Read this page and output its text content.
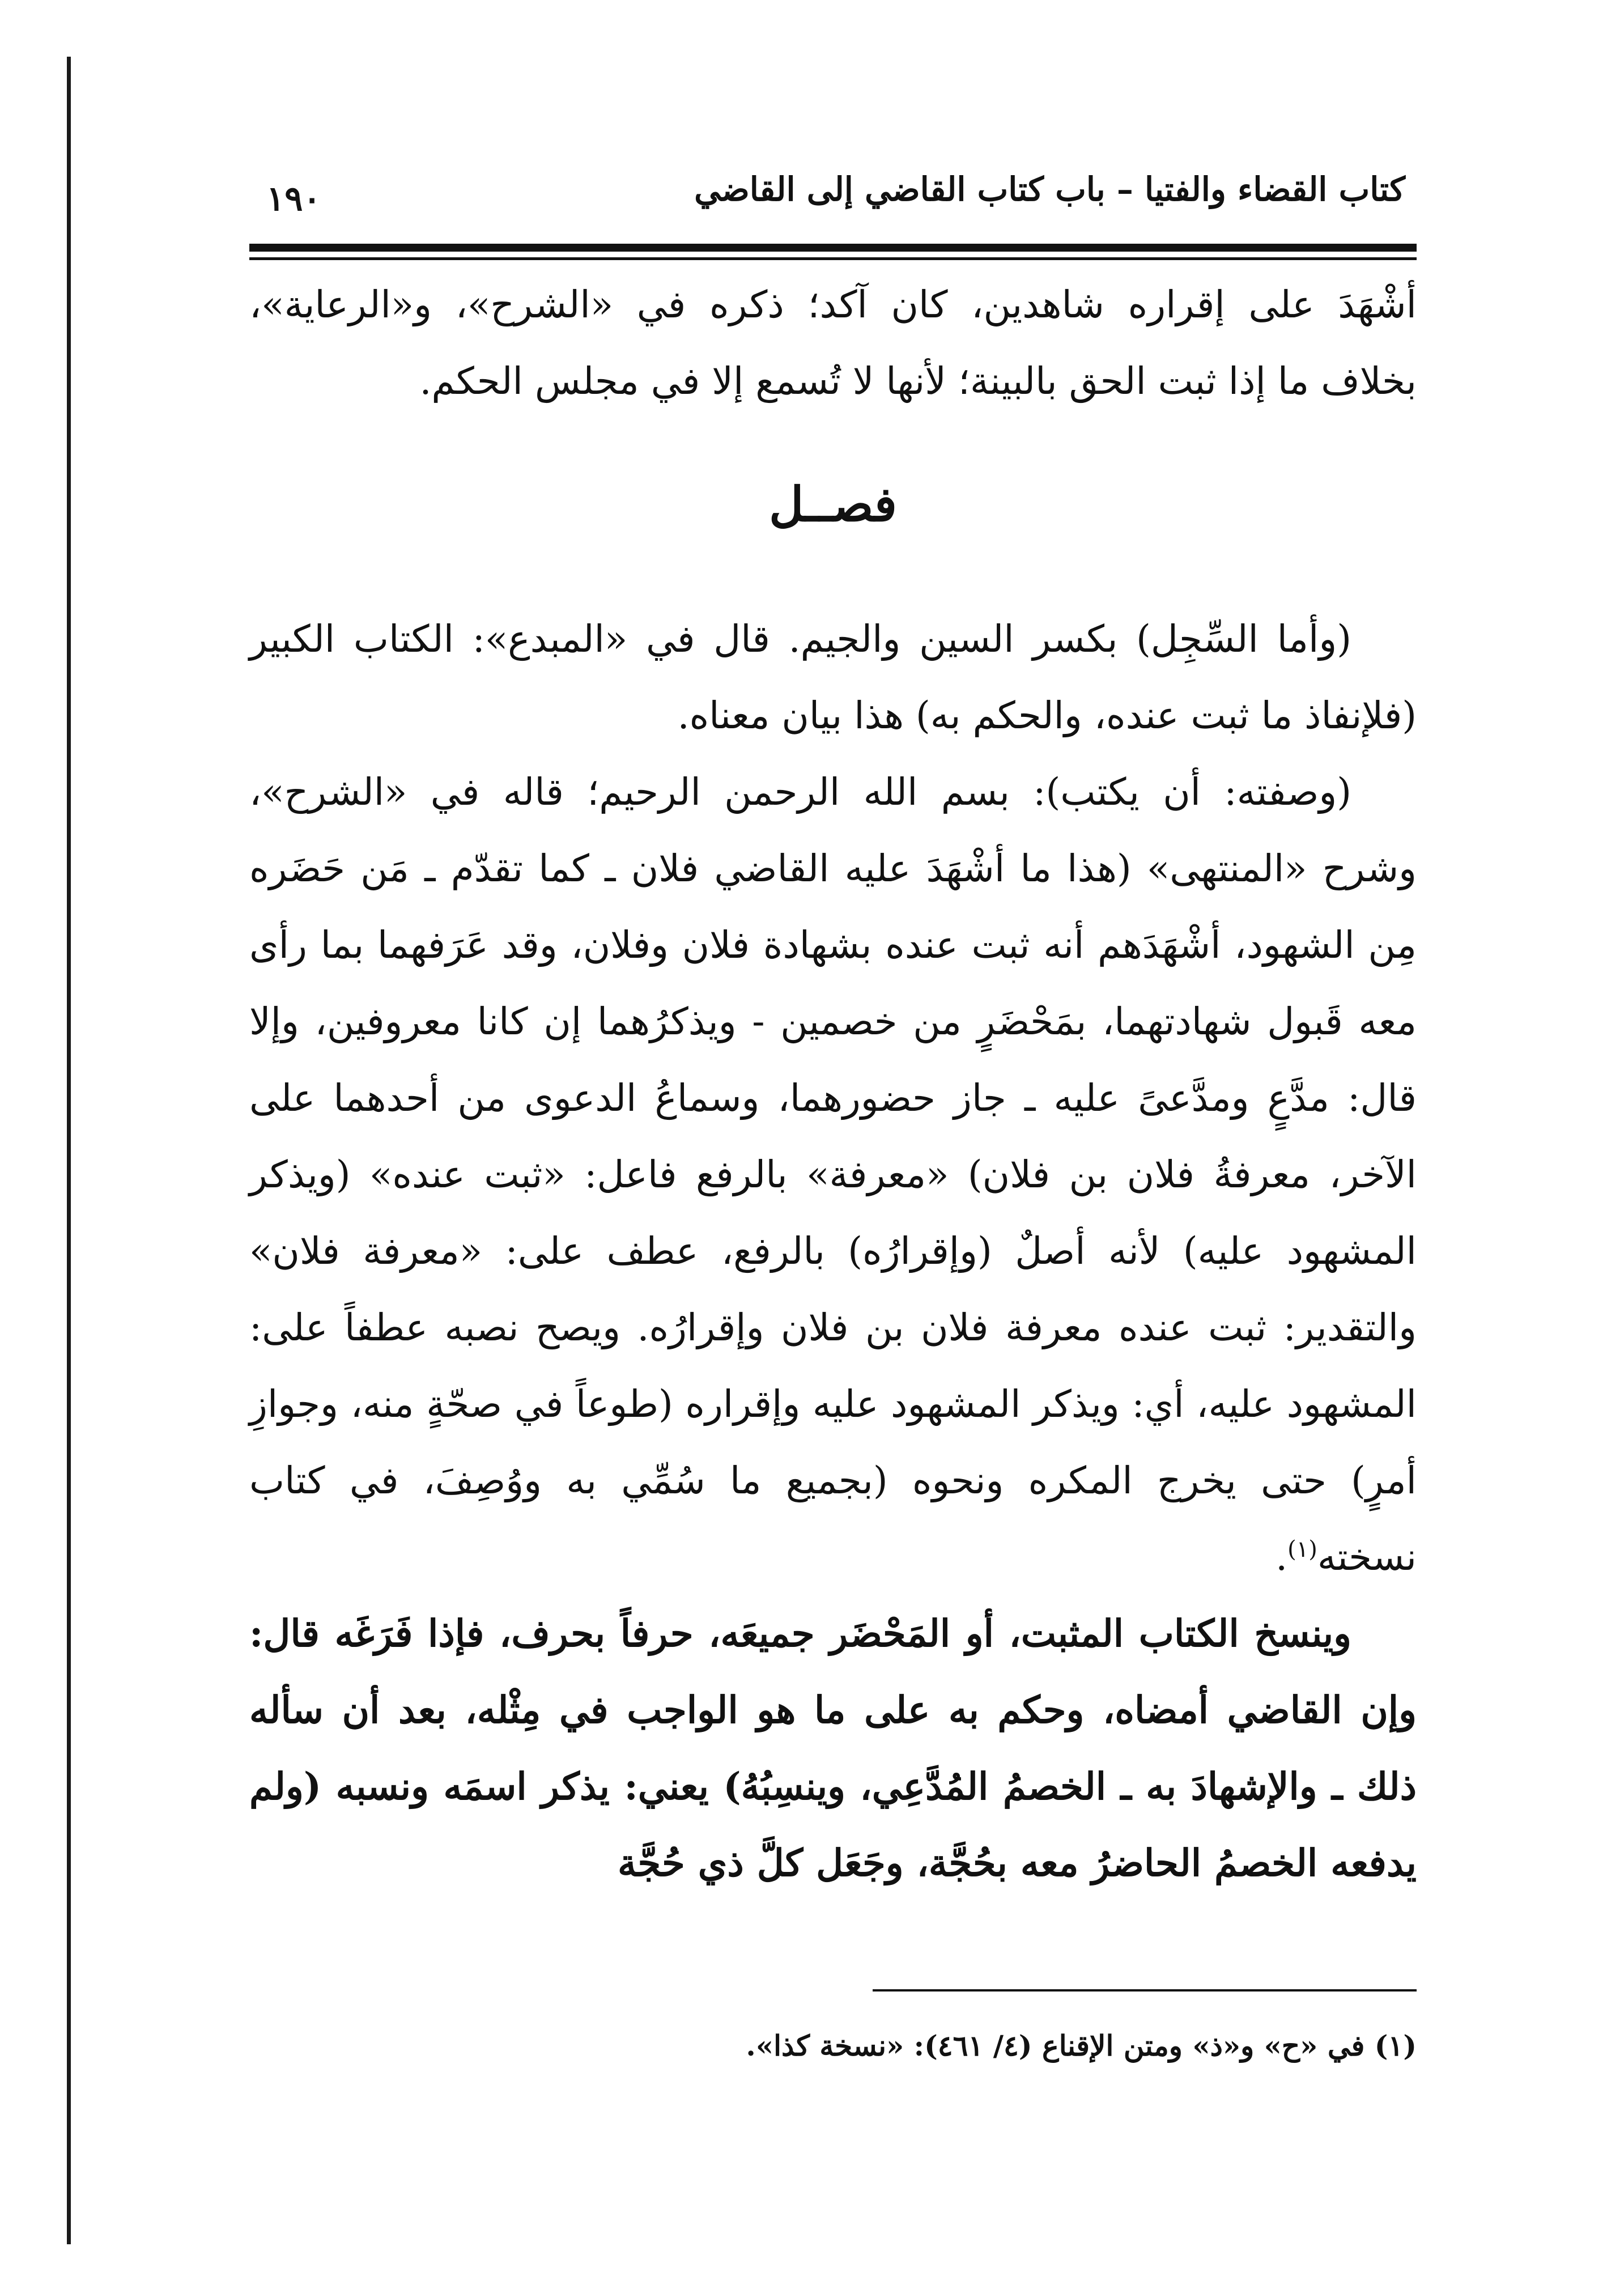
كتاب القضاء والفتيا – باب كتاب القاضي إلى القاضي
١٩٠

أشْهَدَ على إقراره شاهدين، كان آكد؛ ذكره في «الشرح»، و«الرعاية»، بخلاف ما إذا ثبت الحق بالبينة؛ لأنها لا تُسمع إلا في مجلس الحكم.

فصــل

(وأما السِّجِل) بكسر السين والجيم. قال في «المبدع»: الكتاب الكبير (فلإنفاذ ما ثبت عنده، والحكم به) هذا بيان معناه.

(وصفته: أن يكتب): بسم الله الرحمن الرحيم؛ قاله في «الشرح»، وشرح «المنتهى» (هذا ما أشْهَدَ عليه القاضي فلان ـ كما تقدّم ـ مَن حَضَره مِن الشهود، أشْهَدَهم أنه ثبت عنده بشهادة فلان وفلان، وقد عَرَفهما بما رأى معه قَبول شهادتهما، بمَحْضَرٍ من خصمين - ويذكرُهما إن كانا معروفين، وإلا قال: مدَّعٍ ومدَّعىً عليه ـ جاز حضورهما، وسماعُ الدعوى من أحدهما على الآخر، معرفةُ فلان بن فلان) «معرفة» بالرفع فاعل: «ثبت عنده» (ويذكر المشهود عليه) لأنه أصلٌ (وإقرارُه) بالرفع، عطف على: «معرفة فلان» والتقدير: ثبت عنده معرفة فلان بن فلان وإقرارُه. ويصح نصبه عطفاً على: المشهود عليه، أي: ويذكر المشهود عليه وإقراره (طوعاً في صحّةٍ منه، وجوازِ أمرٍ) حتى يخرج المكره ونحوه (بجميع ما سُمِّي به ووُصِفَ، في كتاب نسخته$^{(١)}$.

وينسخ الكتاب المثبت، أو المَحْضَر جميعَه، حرفاً بحرف، فإذا فَرَغَه قال: وإن القاضي أمضاه، وحكم به على ما هو الواجب في مِثْله، بعد أن سأله ذلك ـ والإشهادَ به ـ الخصمُ المُدَّعِي، وينسِبُهُ) يعني: يذكر اسمَه ونسبه (ولم يدفعه الخصمُ الحاضرُ معه بحُجَّة، وجَعَل كلَّ ذي حُجَّة

(١) في «ح» و«ذ» ومتن الإقناع (٤/ ٤٦١): «نسخة كذا».
